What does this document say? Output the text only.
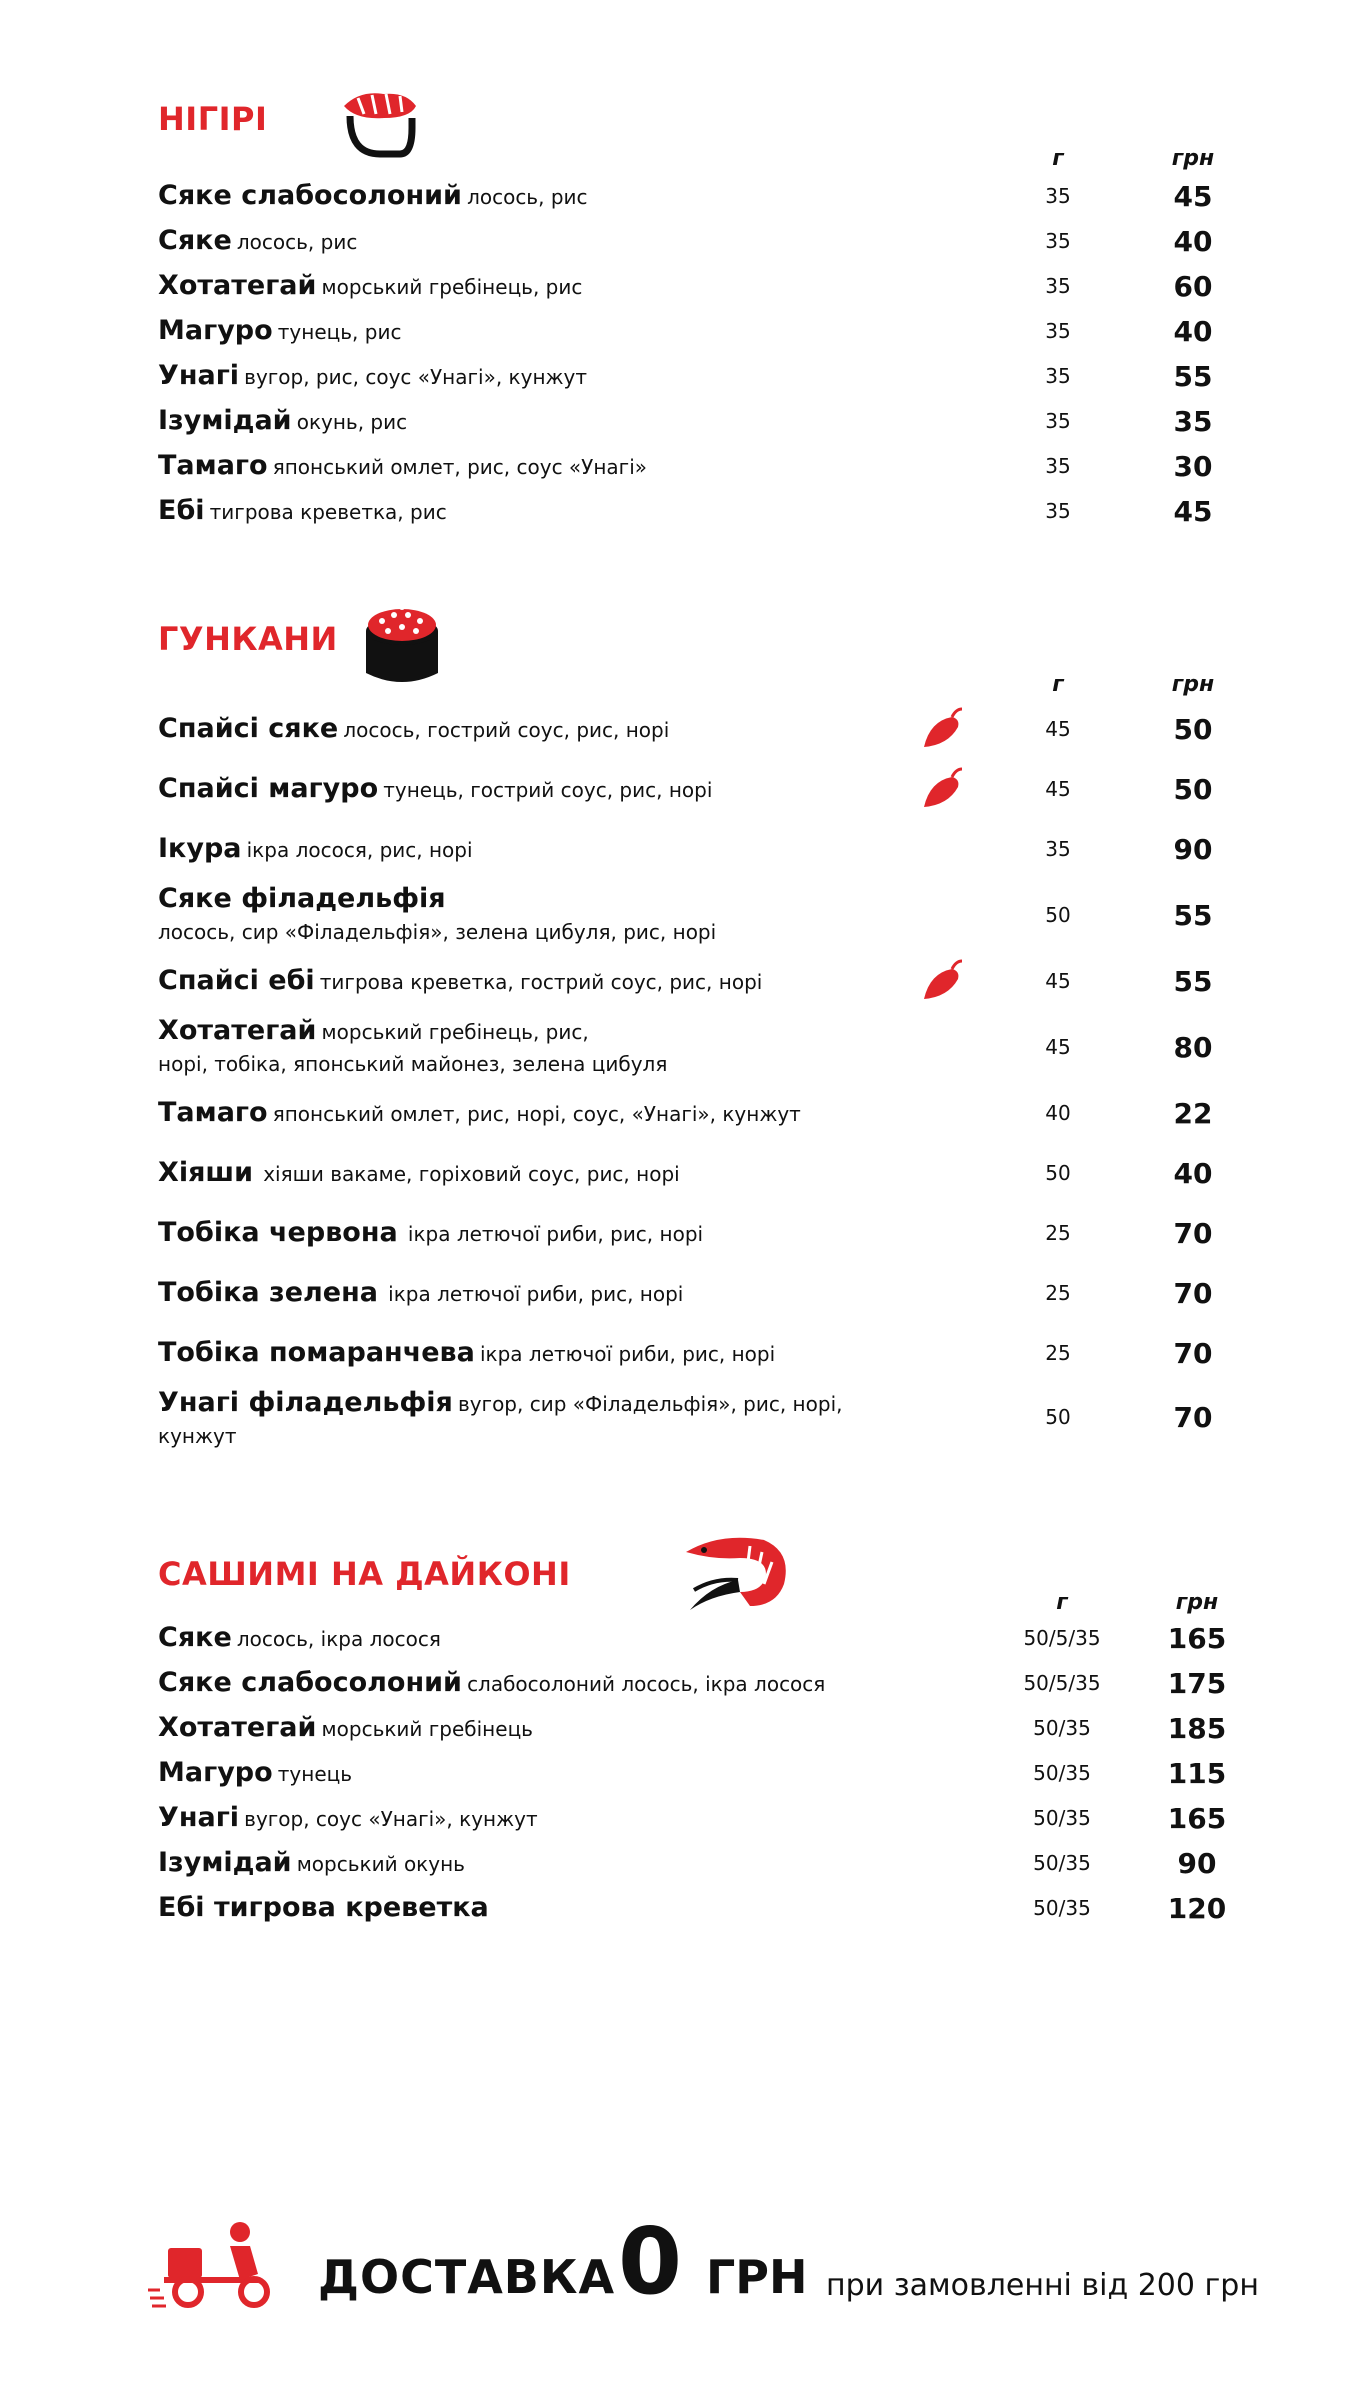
НІГІРІ
г	грн
Сяке слабосолоний лосось, рис	35	45
Сяке лосось, рис	35	40
Хотатегай морський гребінець, рис	35	60
Магуро тунець, рис	35	40
Унагі вугор, рис, соус «Унагі», кунжут	35	55
Ізумідай окунь, рис	35	35
Тамаго японський омлет, рис, соус «Унагі»	35	30
Ебі тигрова креветка, рис	35	45
ГУНКАНИ
г	грн
Спайсі сяке лосось, гострий соус, рис, норі	45	50
Спайсі магуро тунець, гострий соус, рис, норі	45	50
Ікура ікра лосося, рис, норі	35	90
Сяке філадельфія
лосось, сир «Філадельфія», зелена цибуля, рис, норі
50	55
Спайсі ебі тигрова креветка, гострий соус, рис, норі	45	55
Хотатегай морський гребінець, рис,
норі, тобіка, японський майонез, зелена цибуля
45	80
Тамаго японський омлет, рис, норі, соус, «Унагі», кунжут	40	22
Хіяши хіяши вакаме, горіховий соус, рис, норі	50	40
Тобіка червона ікра летючої риби, рис, норі	25	70
Тобіка зелена ікра летючої риби, рис, норі	25	70
Тобіка помаранчева ікра летючої риби, рис, норі	25	70
Унагі філадельфія вугор, сир «Філадельфія», рис, норі,
кунжут
50	70
САШИМІ НА ДАЙКОНІ
г	грн
Сяке лосось, ікра лосося	50/5/35	165
Сяке слабосолоний слабосолоний лосось, ікра лосося	50/5/35	175
Хотатегай морський гребінець	50/35	185
Магуро тунець	50/35	115
Унагі вугор, соус «Унагі», кунжут	50/35	165
Ізумідай морський окунь	50/35	90
Ебі тигрова креветка	50/35	120
ДОСТАВКА 0 ГРН при замовленні від 200 грн
